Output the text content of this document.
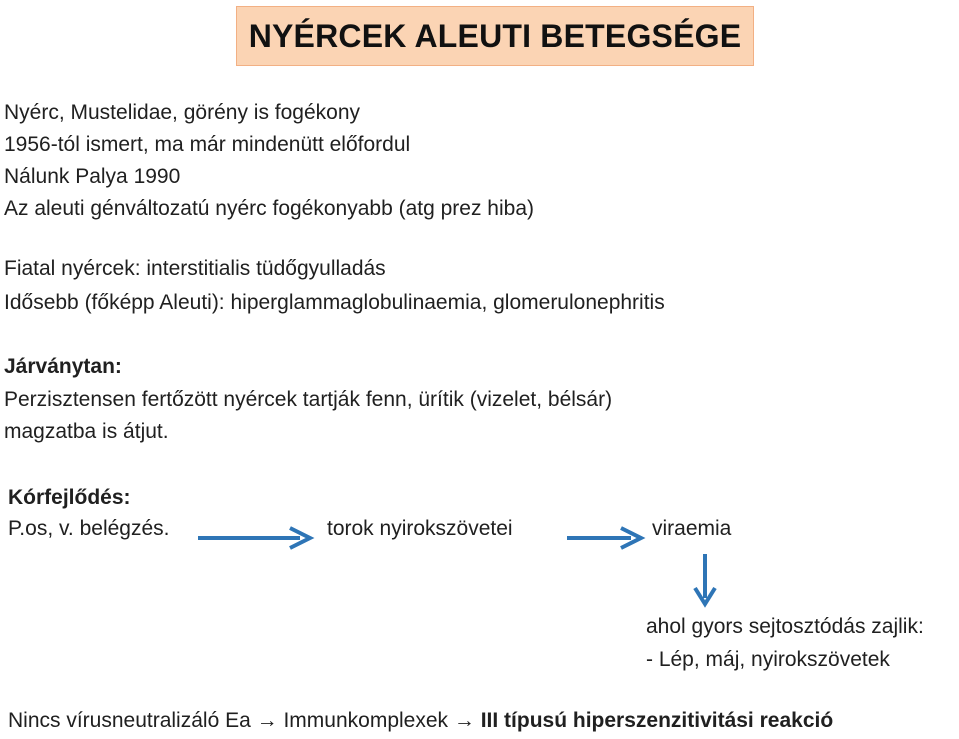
NYÉRCEK ALEUTI BETEGSÉGE
Nyérc, Mustelidae, görény is fogékony
1956-tól ismert, ma már mindenütt előfordul
Nálunk Palya 1990
Az aleuti génváltozatú nyérc fogékonyabb (atg prez hiba)
Fiatal nyércek: interstitialis tüdőgyulladás
Idősebb (főképp Aleuti): hiperglammaglobulinaemia, glomerulonephritis
Járványtan:
Perzisztensen fertőzött nyércek tartják fenn, ürítik (vizelet, bélsár)
magzatba is átjut.
Kórfejlődés:
P.os, v. belégzés.	torok nyirokszövetei	viraemia
ahol gyors sejtosztódás zajlik:
- Lép, máj, nyirokszövetek
Nincs vírusneutralizáló Ea → Immunkomplexek → III típusú hiperszenzitivitási reakció
